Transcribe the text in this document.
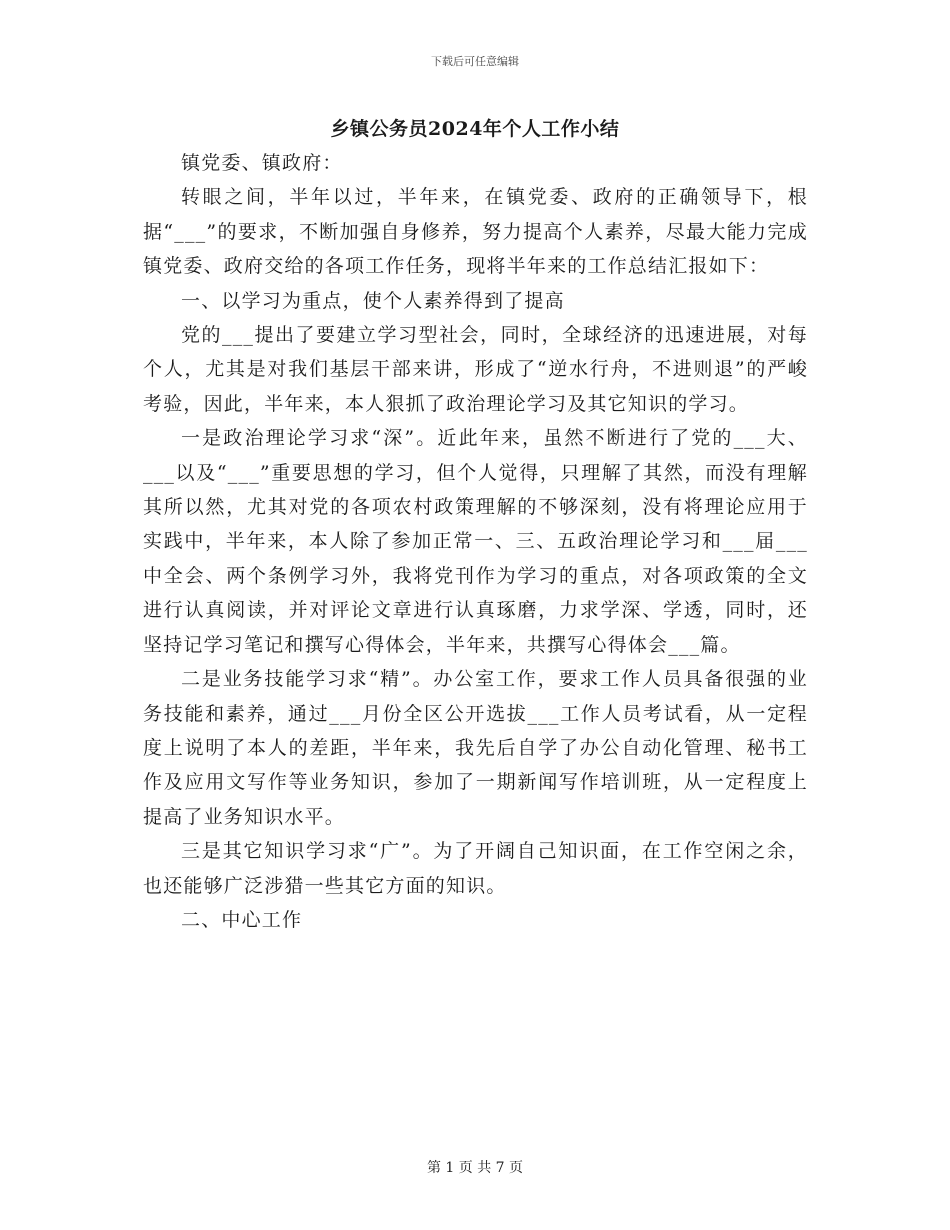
下载后可任意编辑
乡镇公务员2024年个人工作小结

镇党委、镇政府：

转眼之间，半年以过，半年来，在镇党委、政府的正确领导下，根据“___”的要求，不断加强自身修养，努力提高个人素养，尽最大能力完成镇党委、政府交给的各项工作任务，现将半年来的工作总结汇报如下：

一、以学习为重点，使个人素养得到了提高

党的___提出了要建立学习型社会，同时，全球经济的迅速进展，对每个人，尤其是对我们基层干部来讲，形成了“逆水行舟，不进则退”的严峻考验，因此，半年来，本人狠抓了政治理论学习及其它知识的学习。

一是政治理论学习求“深”。近此年来，虽然不断进行了党的___大、___以及“___”重要思想的学习，但个人觉得，只理解了其然，而没有理解其所以然，尤其对党的各项农村政策理解的不够深刻，没有将理论应用于实践中，半年来，本人除了参加正常一、三、五政治理论学习和___届___中全会、两个条例学习外，我将党刊作为学习的重点，对各项政策的全文进行认真阅读，并对评论文章进行认真琢磨，力求学深、学透，同时，还坚持记学习笔记和撰写心得体会，半年来，共撰写心得体会___篇。

二是业务技能学习求“精”。办公室工作，要求工作人员具备很强的业务技能和素养，通过___月份全区公开选拔___工作人员考试看，从一定程度上说明了本人的差距，半年来，我先后自学了办公自动化管理、秘书工作及应用文写作等业务知识，参加了一期新闻写作培训班，从一定程度上提高了业务知识水平。

三是其它知识学习求“广”。为了开阔自己知识面，在工作空闲之余，也还能够广泛涉猎一些其它方面的知识。

二、中心工作

第 1 页 共 7 页
